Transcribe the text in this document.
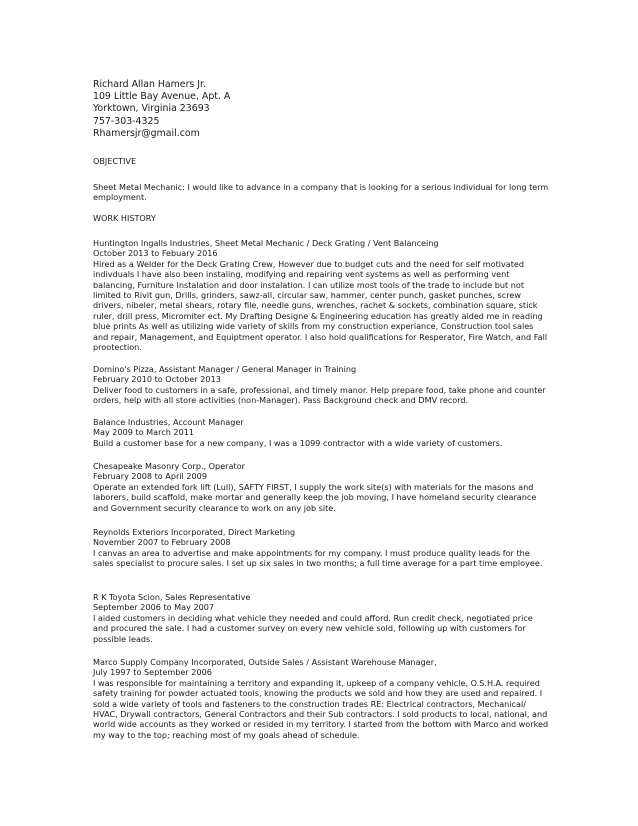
Richard Allan Hamers Jr.
109 Little Bay Avenue, Apt. A
Yorktown, Virginia 23693
757-303-4325
Rhamersjr@gmail.com
OBJECTIVE

Sheet Metal Mechanic: I would like to advance in a company that is looking for a serious individual for long term employment.

WORK HISTORY
Huntington Ingalls Industries, Sheet Metal Mechanic / Deck Grating / Vent Balanceing
October 2013 to Febuary 2016
Hired as a Welder for the Deck Grating Crew, However due to budget cuts and the need for self motivated indivduals I have also been instaling, modifying and repairing vent systems as well as performing vent balancing, Furniture Instalation and door instalation. I can utilize most tools of the trade to include but not limited to Rivit gun, Drills, grinders, sawz-all, circular saw, hammer, center punch, gasket punches, screw drivers, nibeler, metal shears, rotary file, needle guns, wrenches, rachet & sockets, combination square, stick ruler, drill press, Micromiter ect. My Drafting Designe & Engineering education has greatly aided me in reading blue prints As well as utilizing wide variety of skills from my construction experiance, Construction tool sales and repair, Management, and Equiptment operator. I also hold qualifications for Resperator, Fire Watch, and Fall prootection.
Domino's Pizza, Assistant Manager / General Manager in Training
February 2010 to October 2013
Deliver food to customers in a safe, professional, and timely manor. Help prepare food, take phone and counter orders, help with all store activities (non-Manager). Pass Background check and DMV record.
Balance Industries, Account Manager
May 2009 to March 2011
Build a customer base for a new company, I was a 1099 contractor with a wide variety of customers.
Chesapeake Masonry Corp., Operator
February 2008 to April 2009
Operate an extended fork lift (Lull), SAFTY FIRST, I supply the work site(s) with materials for the masons and laborers, build scaffold, make mortar and generally keep the job moving, I have homeland security clearance and Government security clearance to work on any job site.
Reynolds Exteriors Incorporated, Direct Marketing
November 2007 to February 2008
I canvas an area to advertise and make appointments for my company. I must produce quality leads for the sales specialist to procure sales. I set up six sales in two months; a full time average for a part time employee.
R K Toyota Scion, Sales Representative
September 2006 to May 2007
I aided customers in deciding what vehicle they needed and could afford. Run credit check, negotiated price and procured the sale. I had a customer survey on every new vehicle sold, following up with customers for possible leads.
Marco Supply Company Incorporated, Outside Sales / Assistant Warehouse Manager,
July 1997 to September 2006
I was responsible for maintaining a territory and expanding it, upkeep of a company vehicle, O.S.H.A. required safety training for powder actuated tools, knowing the products we sold and how they are used and repaired. I sold a wide variety of tools and fasteners to the construction trades RE: Electrical contractors, Mechanical/ HVAC, Drywall contractors, General Contractors and their Sub contractors. I sold products to local, national, and world wide accounts as they worked or resided in my territory. I started from the bottom with Marco and worked my way to the top; reaching most of my goals ahead of schedule.
